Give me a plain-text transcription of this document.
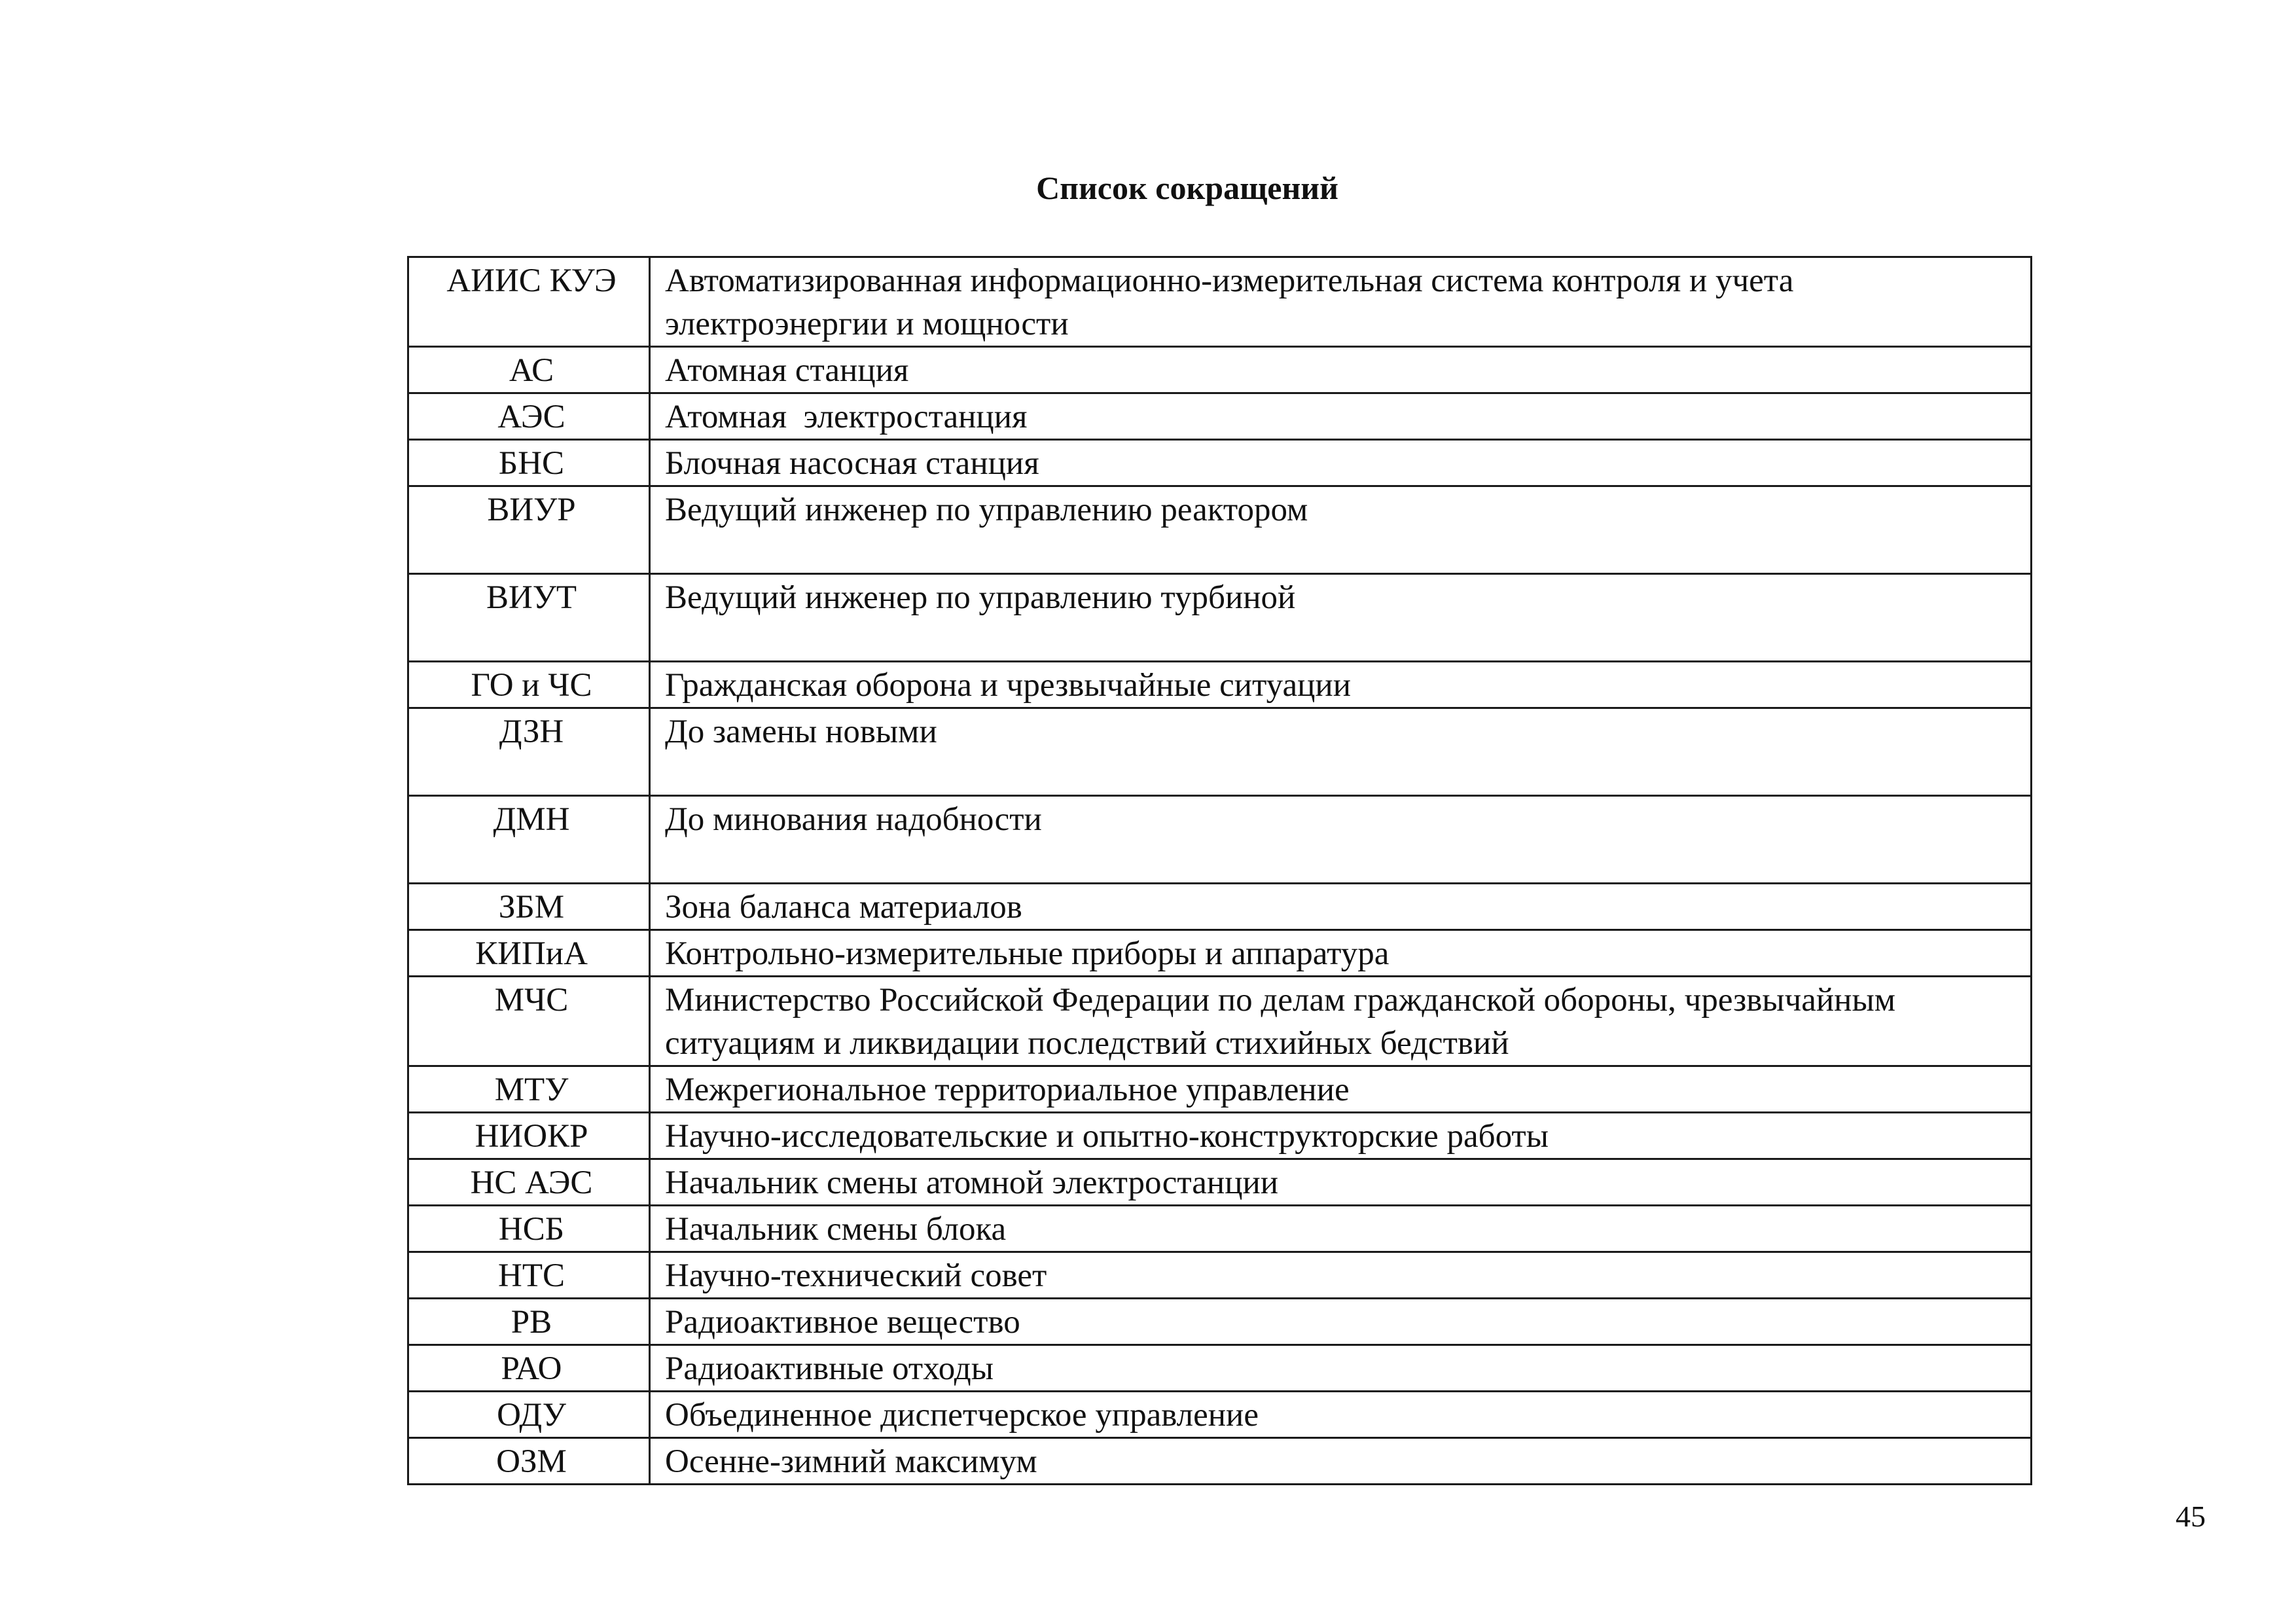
Список сокращений
АИИС КУЭ	Автоматизированная информационно-измерительная система контроля и учета электроэнергии и мощности
АС	Атомная станция
АЭС	Атомная  электростанция
БНС	Блочная насосная станция
ВИУР	Ведущий инженер по управлению реактором
ВИУТ	Ведущий инженер по управлению турбиной
ГО и ЧС	Гражданская оборона и чрезвычайные ситуации
ДЗН	До замены новыми
ДМН	До минования надобности
ЗБМ	Зона баланса материалов
КИПиА	Контрольно-измерительные приборы и аппаратура
МЧС	Министерство Российской Федерации по делам гражданской обороны, чрезвычайным ситуациям и ликвидации последствий стихийных бедствий
МТУ	Межрегиональное территориальное управление
НИОКР	Научно-исследовательские и опытно-конструкторские работы
НС АЭС	Начальник смены атомной электростанции
НСБ	Начальник смены блока
НТС	Научно-технический совет
РВ	Радиоактивное вещество
РАО	Радиоактивные отходы
ОДУ	Объединенное диспетчерское управление
ОЗМ	Осенне-зимний максимум
45
